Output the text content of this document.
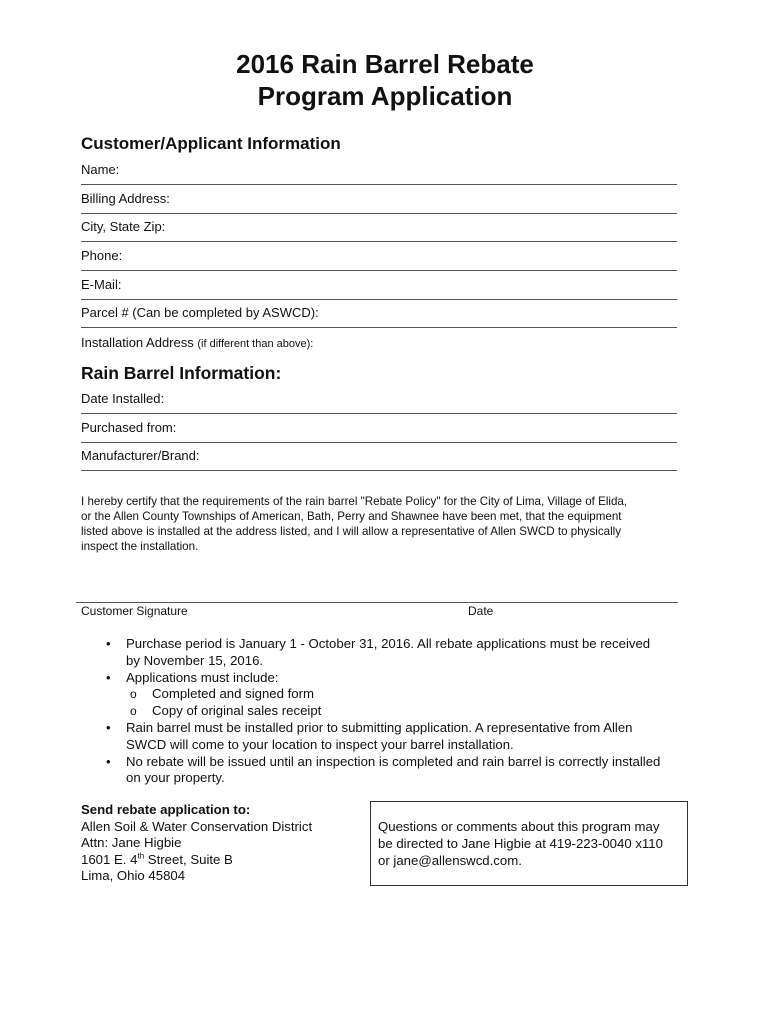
2016 Rain Barrel Rebate
Program Application
Customer/Applicant Information
Name:
Billing Address:
City, State Zip:
Phone:
E-Mail:
Parcel # (Can be completed by ASWCD):
Installation Address (if different than above):
Rain Barrel Information:
Date Installed:
Purchased from:
Manufacturer/Brand:
I hereby certify that the requirements of the rain barrel "Rebate Policy" for the City of Lima, Village of Elida,
or the Allen County Townships of American, Bath, Perry and Shawnee have been met, that the equipment
listed above is installed at the address listed, and I will allow a representative of Allen SWCD to physically
inspect the installation.
Customer Signature	Date
• Purchase period is January 1 - October 31, 2016. All rebate applications must be received
by November 15, 2016.
• Applications must include:
o Completed and signed form
o Copy of original sales receipt
• Rain barrel must be installed prior to submitting application. A representative from Allen
SWCD will come to your location to inspect your barrel installation.
• No rebate will be issued until an inspection is completed and rain barrel is correctly installed
on your property.
Send rebate application to:
Allen Soil & Water Conservation District
Attn: Jane Higbie
1601 E. 4th Street, Suite B
Lima, Ohio 45804
Questions or comments about this program may
be directed to Jane Higbie at 419-223-0040 x110
or jane@allenswcd.com.
